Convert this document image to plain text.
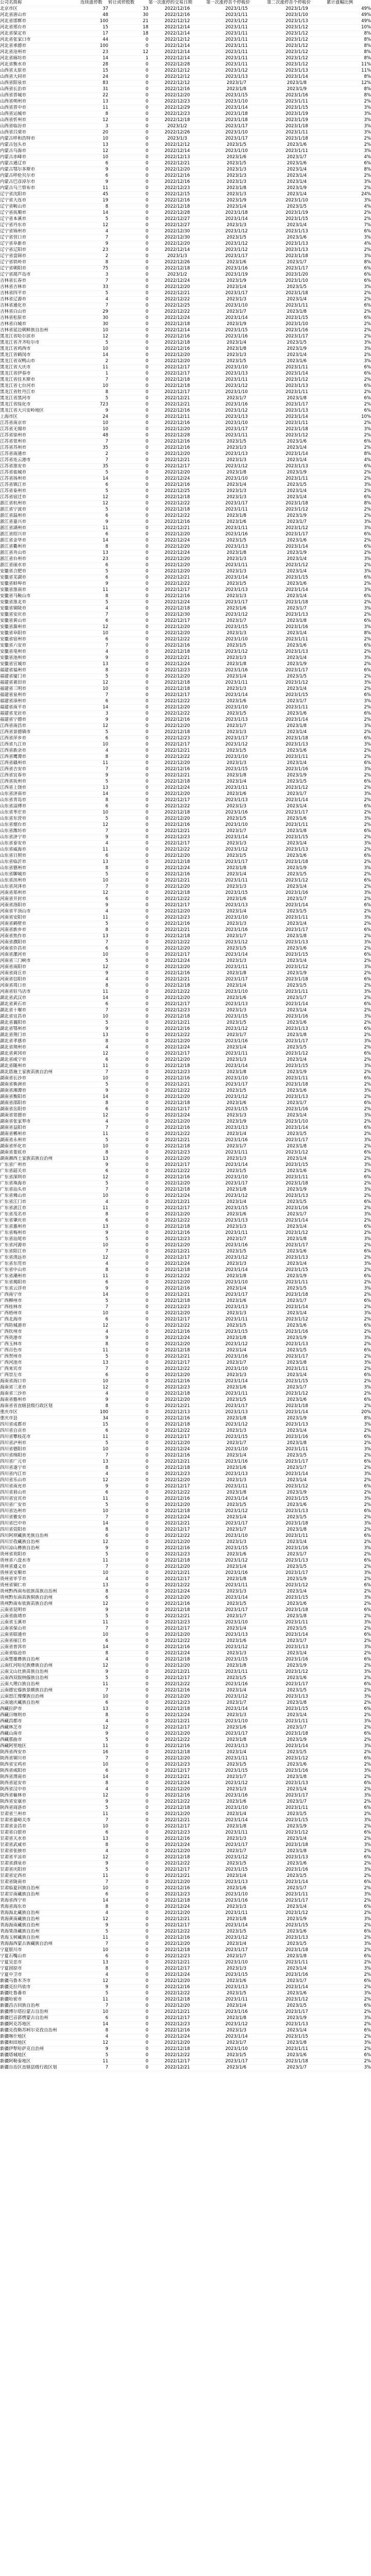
公司名简称	连续涨停数	转让或停股数	第一次涨停的交易日期	第一次涨停首个停板价	第二次涨停首个停板价	累计涨幅比例
北京市区	37	33	2022/12/16	2023/1/15	2023/1/19	49%
河北省唐山市	48	30	2022/12/16	2023/1/11	2023/1/10	49%
河北省邯郸市	100	21	2022/12/12	2023/1/12	2023/1/13	49%
河北省邢台市	15	18	2022/12/14	2023/1/11	2023/1/12	10%
河北省保定市	17	18	2022/12/14	2023/1/11	2023/1/12	8%
河北省张家口市	44	0	2022/12/12	2023/1/11	2023/1/12	8%
河北省承德市	100	0	2022/12/14	2023/1/11	2023/1/12	8%
河北省沧州市	23	12	2022/12/14	2023/1/11	2023/1/12	8%
河北省廊坊市	14	1	2022/12/14	2023/1/11	2023/1/12	8%
河北省衡水市	28	0	2022/12/28	2023/1/11	2023/1/12	11%
山西省太原市	15	0	2022/12/12	2023/1/12	2023/1/13	11%
山西省大同市	24	0	2022/12/12	2023/1/13	2023/1/14	8%
山西省阳泉市	83	0	2022/12/12	2023/1/7	2023/1/8	12%
山西省长治市	31	0	2022/12/16	2023/1/8	2023/1/9	8%
山西省晋城市	22	0	2022/12/20	2023/1/15	2023/1/16	8%
山西省朔州市	13	0	2022/12/23	2023/1/10	2023/1/11	2%
山西省晋中市	11	0	2022/12/29	2023/1/14	2023/1/15	3%
山西省运城市	8	0	2022/12/23	2023/1/18	2023/1/19	3%
山西省忻州市	12	0	2022/12/18	2023/1/18	2023/1/19	3%
山西省临汾市	3	0	2023/1/2	2023/1/17	2023/1/18	3%
山西省吕梁市	20	0	2022/12/26	2023/1/10	2023/1/11	3%
内蒙古呼和浩特市	10	0	2023/1/3	2023/1/17	2023/1/18	2%
内蒙古包头市	13	0	2022/12/12	2023/1/5	2023/1/6	2%
内蒙古乌海市	12	0	2022/12/14	2023/1/10	2023/1/11	3%
内蒙古赤峰市	10	0	2022/12/13	2023/1/6	2023/1/7	4%
内蒙古通辽市	6	0	2022/12/21	2023/1/5	2023/1/6	6%
内蒙古鄂尔多斯市	9	0	2022/12/20	2023/1/3	2023/1/4	8%
内蒙古呼伦贝尔市	6	0	2022/12/16	2023/1/3	2023/1/4	2%
内蒙古巴彦淖尔市	9	0	2022/12/16	2023/1/3	2023/1/4	3%
内蒙古乌兰察布市	11	0	2022/12/23	2023/1/8	2023/1/9	2%
辽宁省沈阳市	45	0	2022/12/15	2023/1/3	2023/1/4	24%
辽宁省大连市	19	0	2022/12/16	2023/1/9	2023/1/10	3%
辽宁省鞍山市	8	0	2022/12/18	2023/1/4	2023/1/5	4%
辽宁省抚顺市	14	0	2022/12/28	2023/1/18	2023/1/19	2%
辽宁省本溪市	5	0	2022/12/27	2023/1/14	2023/1/15	2%
辽宁省丹东市	12	0	2022/12/27	2023/1/3	2023/1/4	7%
辽宁省锦州市	4	0	2022/12/30	2023/1/12	2023/1/13	6%
辽宁省营口市	7	0	2022/12/30	2023/1/5	2023/1/6	3%
辽宁省阜新市	9	0	2022/12/20	2023/1/12	2023/1/13	4%
辽宁省辽阳市	23	0	2022/12/14	2023/1/12	2023/1/13	2%
辽宁省盘锦市	2	0	2023/1/3	2023/1/17	2023/1/18	3%
辽宁省铁岭市	8	0	2022/12/26	2023/1/6	2023/1/7	8%
辽宁省朝阳市	75	0	2022/12/18	2023/1/16	2023/1/17	6%
辽宁省葫芦岛市	3	0	2023/1/2	2023/1/19	2023/1/20	6%
吉林省长春市	7	0	2022/12/24	2023/1/9	2023/1/10	6%
吉林省吉林市	33	0	2022/12/20	2023/1/4	2023/1/5	3%
吉林省四平市	5	0	2022/12/21	2023/1/17	2023/1/18	2%
吉林省辽源市	4	0	2022/12/22	2023/1/3	2023/1/4	2%
吉林省通化市	7	0	2022/12/25	2023/1/10	2023/1/11	6%
吉林省白山市	29	0	2022/12/22	2023/1/7	2023/1/8	2%
吉林省松原市	30	0	2022/12/24	2023/1/14	2023/1/15	6%
吉林省白城市	30	0	2022/12/18	2023/1/9	2023/1/10	2%
吉林省延边朝鲜族自治州	10	0	2022/12/14	2023/1/15	2023/1/16	2%
黑龙江省哈尔滨市	12	0	2022/12/16	2023/1/16	2023/1/17	2%
黑龙江省齐齐哈尔市	5	0	2022/12/18	2023/1/4	2023/1/5	3%
黑龙江省鸡西市	10	0	2022/12/16	2023/1/8	2023/1/9	3%
黑龙江省鹤岗市	14	0	2022/12/20	2023/1/3	2023/1/4	2%
黑龙江省双鸭山市	2	0	2022/12/20	2023/1/5	2023/1/6	3%
黑龙江省大庆市	11	0	2022/12/17	2023/1/10	2023/1/11	6%
黑龙江省伊春市	1	0	2022/12/17	2023/1/13	2023/1/14	6%
黑龙江省佳木斯市	7	0	2022/12/18	2023/1/11	2023/1/12	2%
黑龙江省七台河市	10	0	2022/12/18	2023/1/12	2023/1/13	6%
黑龙江省牡丹江市	8	0	2022/12/17	2023/1/10	2023/1/11	2%
黑龙江省黑河市	5	0	2022/12/21	2023/1/7	2023/1/8	6%
黑龙江省绥化市	723	0	2022/12/21	2023/1/16	2023/1/17	2%
黑龙江省大兴安岭地区	9	0	2022/12/16	2023/1/12	2023/1/13	6%
上海市区	24	0	2022/12/11	2023/1/13	2023/1/14	10%
江苏省南京市	10	0	2022/12/16	2023/1/10	2023/1/11	2%
江苏省无锡市	10	0	2022/12/20	2023/1/17	2023/1/18	3%
江苏省徐州市	48	0	2022/12/28	2023/1/11	2023/1/12	2%
江苏省常州市	7	0	2022/12/16	2023/1/5	2023/1/6	6%
江苏省苏州市	35	0	2022/12/16	2023/1/3	2023/1/4	2%
江苏省南通市	2	0	2022/12/20	2023/1/13	2023/1/14	8%
江苏省连云港市	7	0	2022/12/21	2023/1/3	2023/1/4	4%
江苏省淮安市	35	0	2022/12/17	2023/1/12	2023/1/13	6%
江苏省盐城市	5	0	2022/12/20	2023/1/8	2023/1/9	2%
江苏省扬州市	14	0	2022/12/24	2023/1/10	2023/1/11	2%
江苏省镇江市	6	0	2022/12/16	2023/1/4	2023/1/5	3%
江苏省泰州市	5	0	2022/12/25	2023/1/3	2023/1/4	2%
江苏省宿迁市	12	0	2022/12/18	2023/1/3	2023/1/4	6%
浙江省杭州市	12	0	2022/12/22	2023/1/17	2023/1/18	8%
浙江省宁波市	5	0	2022/12/18	2023/1/11	2023/1/12	2%
浙江省温州市	6	0	2022/12/22	2023/1/8	2023/1/9	2%
浙江省嘉兴市	9	0	2022/12/16	2023/1/6	2023/1/7	3%
浙江省湖州市	11	0	2022/12/21	2023/1/11	2023/1/12	3%
浙江省绍兴市	6	0	2022/12/20	2023/1/16	2023/1/17	6%
浙江省金华市	14	0	2022/12/24	2023/1/5	2023/1/6	2%
浙江省衢州市	8	0	2022/12/20	2023/1/13	2023/1/14	6%
浙江省舟山市	13	0	2022/12/24	2023/1/8	2023/1/9	2%
浙江省台州市	23	0	2022/12/20	2023/1/3	2023/1/4	3%
浙江省丽水市	6	0	2022/12/20	2023/1/11	2023/1/12	2%
安徽省合肥市	5	0	2022/12/20	2023/1/3	2023/1/4	3%
安徽省芜湖市	6	0	2022/12/21	2023/1/14	2023/1/15	6%
安徽省蚌埠市	9	0	2022/12/22	2023/1/5	2023/1/6	2%
安徽省淮南市	11	0	2022/12/17	2023/1/13	2023/1/14	3%
安徽省马鞍山市	8	0	2022/12/16	2023/1/3	2023/1/4	6%
安徽省淮北市	5	0	2022/12/24	2023/1/17	2023/1/18	2%
安徽省铜陵市	4	0	2022/12/18	2023/1/6	2023/1/7	3%
安徽省安庆市	7	0	2022/12/30	2023/1/12	2023/1/13	2%
安徽省黄山市	6	0	2022/12/17	2023/1/7	2023/1/8	6%
安徽省滁州市	12	0	2022/12/20	2023/1/15	2023/1/16	3%
安徽省阜阳市	10	0	2022/12/20	2023/1/3	2023/1/4	8%
安徽省宿州市	6	0	2022/12/22	2023/1/10	2023/1/11	2%
安徽省六安市	7	0	2022/12/16	2023/1/5	2023/1/6	6%
安徽省亳州市	4	0	2022/12/18	2023/1/12	2023/1/13	2%
安徽省池州市	9	0	2022/12/21	2023/1/3	2023/1/4	3%
安徽省宣城市	13	0	2022/12/24	2023/1/8	2023/1/9	2%
福建省福州市	8	0	2022/12/23	2023/1/16	2023/1/17	6%
福建省厦门市	5	0	2022/12/20	2023/1/4	2023/1/5	2%
福建省莆田市	12	0	2022/12/18	2023/1/11	2023/1/12	3%
福建省三明市	10	0	2022/12/18	2023/1/3	2023/1/4	2%
福建省泉州市	7	0	2022/12/17	2023/1/14	2023/1/15	6%
福建省漳州市	6	0	2022/12/22	2023/1/6	2023/1/7	3%
福建省南平市	14	0	2022/12/20	2023/1/10	2023/1/11	2%
福建省龙岩市	3	0	2022/12/22	2023/1/5	2023/1/6	6%
福建省宁德市	9	0	2022/12/16	2023/1/13	2023/1/14	2%
江西省南昌市	12	0	2022/12/20	2023/1/7	2023/1/8	3%
江西省景德镇市	5	0	2022/12/18	2023/1/3	2023/1/4	2%
江西省萍乡市	6	0	2022/12/23	2023/1/17	2023/1/18	6%
江西省九江市	10	0	2022/12/17	2023/1/12	2023/1/13	3%
江西省新余市	4	0	2022/12/21	2023/1/5	2023/1/6	2%
江西省鹰潭市	8	0	2022/12/22	2023/1/10	2023/1/11	2%
江西省赣州市	11	0	2022/12/20	2023/1/3	2023/1/4	6%
江西省吉安市	7	0	2022/12/16	2023/1/15	2023/1/16	3%
江西省宜春市	9	0	2022/12/21	2023/1/8	2023/1/9	2%
江西省抚州市	5	0	2022/12/18	2023/1/4	2023/1/5	6%
江西省上饶市	13	0	2022/12/24	2023/1/11	2023/1/12	2%
山东省济南市	14	0	2022/12/20	2023/1/6	2023/1/7	3%
山东省青岛市	8	0	2022/12/17	2023/1/13	2023/1/14	2%
山东省淄博市	6	0	2022/12/22	2023/1/3	2023/1/4	6%
山东省枣庄市	10	0	2022/12/18	2023/1/16	2023/1/17	2%
山东省东营市	5	0	2022/12/20	2023/1/5	2023/1/6	3%
山东省烟台市	12	0	2022/12/16	2023/1/10	2023/1/11	2%
山东省潍坊市	7	0	2022/12/21	2023/1/7	2023/1/8	6%
山东省济宁市	9	0	2022/12/23	2023/1/14	2023/1/15	2%
山东省泰安市	4	0	2022/12/17	2023/1/3	2023/1/4	3%
山东省威海市	11	0	2022/12/22	2023/1/12	2023/1/13	2%
山东省日照市	6	0	2022/12/20	2023/1/5	2023/1/6	6%
山东省临沂市	13	0	2022/12/18	2023/1/17	2023/1/18	2%
山东省德州市	8	0	2022/12/24	2023/1/8	2023/1/9	3%
山东省聊城市	5	0	2022/12/16	2023/1/4	2023/1/5	2%
山东省滨州市	10	0	2022/12/21	2023/1/11	2023/1/12	6%
山东省菏泽市	7	0	2022/12/20	2023/1/3	2023/1/4	2%
河南省郑州市	12	0	2022/12/18	2023/1/15	2023/1/16	3%
河南省开封市	6	0	2022/12/22	2023/1/6	2023/1/7	2%
河南省洛阳市	9	0	2022/12/17	2023/1/13	2023/1/14	6%
河南省平顶山市	4	0	2022/12/20	2023/1/4	2023/1/5	2%
河南省安阳市	11	0	2022/12/23	2023/1/10	2023/1/11	3%
河南省鹤壁市	5	0	2022/12/16	2023/1/3	2023/1/4	2%
河南省新乡市	8	0	2022/12/21	2023/1/16	2023/1/17	6%
河南省焦作市	13	0	2022/12/18	2023/1/7	2023/1/8	2%
河南省濮阳市	7	0	2022/12/22	2023/1/12	2023/1/13	3%
河南省许昌市	6	0	2022/12/20	2023/1/5	2023/1/6	2%
河南省漯河市	10	0	2022/12/17	2023/1/14	2023/1/15	6%
河南省三门峡市	5	0	2022/12/24	2023/1/3	2023/1/4	2%
河南省南阳市	12	0	2022/12/20	2023/1/11	2023/1/12	3%
河南省商丘市	9	0	2022/12/16	2023/1/8	2023/1/9	2%
河南省信阳市	4	0	2022/12/21	2023/1/17	2023/1/18	6%
河南省周口市	8	0	2022/12/18	2023/1/4	2023/1/5	2%
河南省驻马店市	11	0	2022/12/22	2023/1/10	2023/1/11	3%
湖北省武汉市	14	0	2022/12/20	2023/1/6	2023/1/7	2%
湖北省黄石市	6	0	2022/12/17	2023/1/13	2023/1/14	6%
湖北省十堰市	7	0	2022/12/23	2023/1/3	2023/1/4	2%
湖北省宜昌市	10	0	2022/12/18	2023/1/15	2023/1/16	3%
湖北省襄阳市	5	0	2022/12/21	2023/1/5	2023/1/6	2%
湖北省鄂州市	9	0	2022/12/16	2023/1/12	2023/1/13	6%
湖北省荆门市	13	0	2022/12/22	2023/1/7	2023/1/8	2%
湖北省孝感市	8	0	2022/12/20	2023/1/16	2023/1/17	3%
湖北省荆州市	4	0	2022/12/24	2023/1/4	2023/1/5	2%
湖北省黄冈市	12	0	2022/12/17	2023/1/11	2023/1/12	6%
湖北省咸宁市	6	0	2022/12/20	2023/1/3	2023/1/4	2%
湖北省随州市	11	0	2022/12/18	2023/1/14	2023/1/15	3%
湖北恩施土家族苗族自治州	7	0	2022/12/23	2023/1/8	2023/1/9	2%
湖南省长沙市	10	0	2022/12/16	2023/1/10	2023/1/11	6%
湖南省株洲市	5	0	2022/12/21	2023/1/17	2023/1/18	2%
湖南省湘潭市	9	0	2022/12/22	2023/1/5	2023/1/6	3%
湖南省衡阳市	14	0	2022/12/20	2023/1/12	2023/1/13	2%
湖南省邵阳市	8	0	2022/12/18	2023/1/6	2023/1/7	6%
湖南省岳阳市	6	0	2022/12/17	2023/1/15	2023/1/16	2%
湖南省常德市	12	0	2022/12/24	2023/1/3	2023/1/4	3%
湖南省张家界市	4	0	2022/12/20	2023/1/9	2023/1/10	2%
湖南省益阳市	7	0	2022/12/16	2023/1/13	2023/1/14	6%
湖南省郴州市	11	0	2022/12/22	2023/1/4	2023/1/5	2%
湖南省永州市	5	0	2022/12/21	2023/1/16	2023/1/17	3%
湖南省怀化市	10	0	2022/12/18	2023/1/7	2023/1/8	2%
湖南省娄底市	8	0	2022/12/23	2023/1/11	2023/1/12	6%
湖南湘西土家族苗族自治州	13	0	2022/12/20	2023/1/3	2023/1/4	2%
广东省广州市	9	0	2022/12/17	2023/1/14	2023/1/15	3%
广东省韶关市	6	0	2022/12/22	2023/1/5	2023/1/6	2%
广东省深圳市	12	0	2022/12/16	2023/1/10	2023/1/11	6%
广东省珠海市	5	0	2022/12/20	2023/1/17	2023/1/18	2%
广东省汕头市	7	0	2022/12/18	2023/1/8	2023/1/9	3%
广东省佛山市	10	0	2022/12/24	2023/1/12	2023/1/13	2%
广东省江门市	4	0	2022/12/21	2023/1/4	2023/1/5	6%
广东省湛江市	11	0	2022/12/17	2023/1/15	2023/1/16	2%
广东省茂名市	8	0	2022/12/20	2023/1/6	2023/1/7	3%
广东省肇庆市	6	0	2022/12/22	2023/1/13	2023/1/14	2%
广东省惠州市	13	0	2022/12/18	2023/1/3	2023/1/4	6%
广东省梅州市	9	0	2022/12/16	2023/1/11	2023/1/12	2%
广东省汕尾市	5	0	2022/12/23	2023/1/7	2023/1/8	3%
广东省河源市	10	0	2022/12/20	2023/1/16	2023/1/17	2%
广东省阳江市	7	0	2022/12/21	2023/1/5	2023/1/6	6%
广东省清远市	12	0	2022/12/17	2023/1/12	2023/1/13	2%
广东省东莞市	4	0	2022/12/24	2023/1/3	2023/1/4	3%
广东省中山市	8	0	2022/12/18	2023/1/14	2023/1/15	2%
广东省潮州市	11	0	2022/12/22	2023/1/8	2023/1/9	6%
广东省揭阳市	6	0	2022/12/20	2023/1/10	2023/1/11	2%
广东省云浮市	9	0	2022/12/16	2023/1/4	2023/1/5	3%
广西南宁市	14	0	2022/12/21	2023/1/17	2023/1/18	2%
广西柳州市	5	0	2022/12/18	2023/1/6	2023/1/7	6%
广西桂林市	7	0	2022/12/23	2023/1/13	2023/1/14	2%
广西梧州市	10	0	2022/12/20	2023/1/3	2023/1/4	3%
广西北海市	6	0	2022/12/17	2023/1/11	2023/1/12	2%
广西防城港市	12	0	2022/12/22	2023/1/5	2023/1/6	6%
广西钦州市	4	0	2022/12/16	2023/1/15	2023/1/16	2%
广西贵港市	9	0	2022/12/24	2023/1/8	2023/1/9	3%
广西玉林市	8	0	2022/12/20	2023/1/12	2023/1/13	2%
广西百色市	11	0	2022/12/18	2023/1/4	2023/1/5	6%
广西贺州市	5	0	2022/12/21	2023/1/16	2023/1/17	2%
广西河池市	13	0	2022/12/17	2023/1/7	2023/1/8	3%
广西来宾市	7	0	2022/12/22	2023/1/10	2023/1/11	2%
广西崇左市	6	0	2022/12/20	2023/1/3	2023/1/4	6%
海南省海口市	10	0	2022/12/16	2023/1/14	2023/1/15	2%
海南省三亚市	12	0	2022/12/23	2023/1/6	2023/1/7	3%
海南省三沙市	4	0	2022/12/18	2023/1/11	2023/1/12	2%
海南省儋州市	9	0	2022/12/20	2023/1/5	2023/1/6	6%
海南省省直辖县级行政区划	8	0	2022/12/21	2023/1/17	2023/1/18	2%
重庆市区	100	0	2022/12/13	2023/1/13	2023/1/14	20%
重庆市县	34	0	2022/12/16	2023/1/8	2023/1/9	8%
四川省成都市	15	0	2022/12/18	2023/1/12	2023/1/13	3%
四川省自贡市	6	0	2022/12/22	2023/1/3	2023/1/4	2%
四川省攀枝花市	11	0	2022/12/17	2023/1/15	2023/1/16	6%
四川省泸州市	5	0	2022/12/20	2023/1/7	2023/1/8	2%
四川省德阳市	10	0	2022/12/24	2023/1/10	2023/1/11	3%
四川省绵阳市	7	0	2022/12/16	2023/1/4	2023/1/5	2%
四川省广元市	13	0	2022/12/21	2023/1/16	2023/1/17	6%
四川省遂宁市	8	0	2022/12/18	2023/1/6	2023/1/7	2%
四川省内江市	4	0	2022/12/23	2023/1/13	2023/1/14	3%
四川省乐山市	12	0	2022/12/20	2023/1/3	2023/1/4	2%
四川省南充市	9	0	2022/12/17	2023/1/11	2023/1/12	6%
四川省眉山市	6	0	2022/12/22	2023/1/8	2023/1/9	2%
四川省宜宾市	11	0	2022/12/16	2023/1/14	2023/1/15	3%
四川省广安市	5	0	2022/12/20	2023/1/5	2023/1/6	2%
四川省达州市	10	0	2022/12/18	2023/1/12	2023/1/13	6%
四川省雅安市	7	0	2022/12/24	2023/1/4	2023/1/5	2%
四川省巴中市	14	0	2022/12/21	2023/1/17	2023/1/18	3%
四川省资阳市	8	0	2022/12/17	2023/1/7	2023/1/8	2%
四川阿坝藏族羌族自治州	6	0	2022/12/22	2023/1/10	2023/1/11	6%
四川甘孜藏族自治州	12	0	2022/12/20	2023/1/3	2023/1/4	2%
四川凉山彝族自治州	9	0	2022/12/16	2023/1/15	2023/1/16	3%
贵州省贵阳市	5	0	2022/12/23	2023/1/6	2023/1/7	2%
贵州省六盘水市	11	0	2022/12/18	2023/1/12	2023/1/13	6%
贵州省遵义市	7	0	2022/12/20	2023/1/4	2023/1/5	2%
贵州省安顺市	10	0	2022/12/21	2023/1/16	2023/1/17	3%
贵州省毕节市	4	0	2022/12/17	2023/1/8	2023/1/9	2%
贵州省铜仁市	13	0	2022/12/22	2023/1/11	2023/1/12	6%
贵州黔西南布依族苗族自治州	8	0	2022/12/24	2023/1/3	2023/1/4	2%
贵州黔东南苗族侗族自治州	6	0	2022/12/20	2023/1/14	2023/1/15	3%
贵州黔南布依族苗族自治州	12	0	2022/12/16	2023/1/5	2023/1/6	2%
云南省昆明市	9	0	2022/12/18	2023/1/17	2023/1/18	6%
云南省曲靖市	5	0	2022/12/21	2023/1/7	2023/1/8	2%
云南省玉溪市	11	0	2022/12/23	2023/1/10	2023/1/11	3%
云南省保山市	7	0	2022/12/17	2023/1/4	2023/1/5	2%
云南省昭通市	10	0	2022/12/20	2023/1/13	2023/1/14	6%
云南省丽江市	6	0	2022/12/22	2023/1/6	2023/1/7	2%
云南省普洱市	14	0	2022/12/16	2023/1/12	2023/1/13	3%
云南省临沧市	8	0	2022/12/24	2023/1/3	2023/1/4	2%
云南楚雄彝族自治州	4	0	2022/12/18	2023/1/15	2023/1/16	6%
云南红河哈尼族彝族自治州	12	0	2022/12/20	2023/1/8	2023/1/9	2%
云南文山壮族苗族自治州	9	0	2022/12/21	2023/1/11	2023/1/12	3%
云南西双版纳傣族自治州	5	0	2022/12/17	2023/1/5	2023/1/6	2%
云南大理白族自治州	11	0	2022/12/22	2023/1/16	2023/1/17	6%
云南德宏傣族景颇族自治州	7	0	2022/12/16	2023/1/4	2023/1/5	2%
云南怒江傈僳族自治州	10	0	2022/12/20	2023/1/12	2023/1/13	3%
云南迪庆藏族自治州	6	0	2022/12/23	2023/1/7	2023/1/8	2%
西藏拉萨市	13	0	2022/12/18	2023/1/14	2023/1/15	6%
西藏日喀则市	8	0	2022/12/24	2023/1/3	2023/1/4	2%
西藏昌都市	4	0	2022/12/21	2023/1/10	2023/1/11	3%
西藏林芝市	12	0	2022/12/17	2023/1/6	2023/1/7	2%
西藏山南市	9	0	2022/12/20	2023/1/17	2023/1/18	6%
西藏那曲市	5	0	2022/12/22	2023/1/8	2023/1/9	2%
西藏阿里地区	11	0	2022/12/16	2023/1/13	2023/1/14	3%
陕西省西安市	16	0	2022/12/18	2023/1/4	2023/1/5	2%
陕西省铜川市	7	0	2022/12/20	2023/1/11	2023/1/12	6%
陕西省宝鸡市	10	0	2022/12/23	2023/1/5	2023/1/6	2%
陕西省咸阳市	6	0	2022/12/17	2023/1/15	2023/1/16	3%
陕西省渭南市	14	0	2022/12/21	2023/1/7	2023/1/8	2%
陕西省延安市	8	0	2022/12/24	2023/1/12	2023/1/13	6%
陕西省汉中市	4	0	2022/12/20	2023/1/3	2023/1/4	2%
陕西省榆林市	12	0	2022/12/16	2023/1/16	2023/1/17	3%
陕西省安康市	9	0	2022/12/22	2023/1/6	2023/1/7	2%
陕西省商洛市	5	0	2022/12/18	2023/1/10	2023/1/11	6%
甘肃省兰州市	11	0	2022/12/20	2023/1/4	2023/1/5	2%
甘肃省嘉峪关市	7	0	2022/12/21	2023/1/14	2023/1/15	3%
甘肃省金昌市	10	0	2022/12/17	2023/1/8	2023/1/9	2%
甘肃省白银市	6	0	2022/12/23	2023/1/11	2023/1/12	6%
甘肃省天水市	13	0	2022/12/16	2023/1/3	2023/1/4	2%
甘肃省武威市	8	0	2022/12/24	2023/1/17	2023/1/18	3%
甘肃省张掖市	4	0	2022/12/20	2023/1/7	2023/1/8	2%
甘肃省平凉市	12	0	2022/12/18	2023/1/12	2023/1/13	6%
甘肃省酒泉市	9	0	2022/12/22	2023/1/5	2023/1/6	2%
甘肃省庆阳市	5	0	2022/12/17	2023/1/15	2023/1/16	3%
甘肃省定西市	11	0	2022/12/21	2023/1/4	2023/1/5	2%
甘肃省陇南市	7	0	2022/12/20	2023/1/13	2023/1/14	6%
甘肃临夏回族自治州	10	0	2022/12/16	2023/1/6	2023/1/7	2%
甘肃甘南藏族自治州	6	0	2022/12/23	2023/1/10	2023/1/11	3%
青海省西宁市	14	0	2022/12/18	2023/1/16	2023/1/17	2%
青海省海东市	8	0	2022/12/24	2023/1/3	2023/1/4	6%
青海海北藏族自治州	4	0	2022/12/20	2023/1/11	2023/1/12	2%
青海黄南藏族自治州	12	0	2022/12/21	2023/1/8	2023/1/9	3%
青海海南藏族自治州	9	0	2022/12/17	2023/1/14	2023/1/15	2%
青海果洛藏族自治州	5	0	2022/12/22	2023/1/5	2023/1/6	6%
青海玉树藏族自治州	11	0	2022/12/16	2023/1/12	2023/1/13	2%
青海海西蒙古族藏族自治州	7	0	2022/12/20	2023/1/4	2023/1/5	3%
宁夏银川市	10	0	2022/12/18	2023/1/17	2023/1/18	2%
宁夏石嘴山市	6	0	2022/12/23	2023/1/7	2023/1/8	6%
宁夏吴忠市	13	0	2022/12/21	2023/1/10	2023/1/11	2%
宁夏固原市	8	0	2022/12/17	2023/1/3	2023/1/4	3%
宁夏中卫市	4	0	2022/12/24	2023/1/15	2023/1/16	2%
新疆乌鲁木齐市	12	0	2022/12/20	2023/1/6	2023/1/7	6%
新疆克拉玛依市	9	0	2022/12/16	2023/1/13	2023/1/14	2%
新疆吐鲁番市	5	0	2022/12/22	2023/1/5	2023/1/6	3%
新疆哈密市	11	0	2022/12/18	2023/1/11	2023/1/12	2%
新疆昌吉回族自治州	7	0	2022/12/20	2023/1/4	2023/1/5	6%
新疆博尔塔拉蒙古自治州	10	0	2022/12/21	2023/1/16	2023/1/17	2%
新疆巴音郭楞蒙古自治州	6	0	2022/12/17	2023/1/8	2023/1/9	3%
新疆阿克苏地区	14	0	2022/12/23	2023/1/12	2023/1/13	2%
新疆克孜勒苏柯尔克孜自治州	8	0	2022/12/16	2023/1/3	2023/1/4	6%
新疆喀什地区	4	0	2022/12/24	2023/1/14	2023/1/15	2%
新疆和田地区	12	0	2022/12/20	2023/1/7	2023/1/8	3%
新疆伊犁哈萨克自治州	9	0	2022/12/18	2023/1/10	2023/1/11	2%
新疆塔城地区	5	0	2022/12/22	2023/1/5	2023/1/6	6%
新疆阿勒泰地区	11	0	2022/12/17	2023/1/17	2023/1/18	2%
新疆自治区直辖县级行政区划	7	0	2022/12/21	2023/1/6	2023/1/7	3%
